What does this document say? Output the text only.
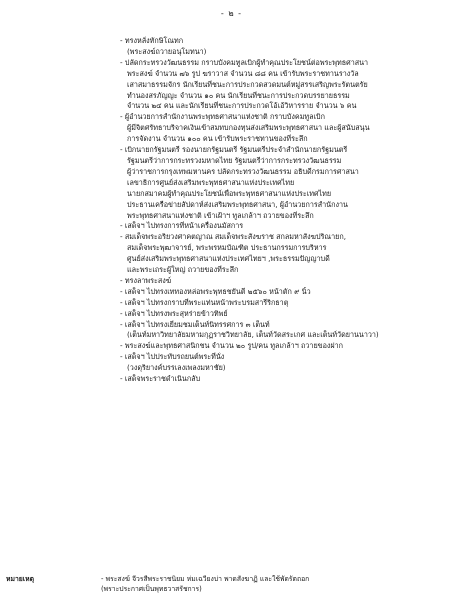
- ๒ -
- ทรงหลั่งทักษิโณทก
(พระสงฆ์ถวายอนุโมทนา)
- ปลัดกระทรวงวัฒนธรรม กราบบังคมทูลเบิกผู้ทำคุณประโยชน์ต่อพระพุทธศาสนา
พระสงฆ์ จำนวน ๗๖ รูป ฆราวาส จำนวน ๘๘ คน เข้ารับพระราชทานรางวัล
เสาสมาธรรมจักร นักเรียนที่ชนะการประกวดสวดมนต์หมู่สรรเสริญพระรัตนตรัย
ทำนองสรภัญญะ จำนวน ๑๐ คน นักเรียนที่ชนะการประกวดบรรยายธรรม
จำนวน ๒๔ คน และนักเรียนที่ชนะการประกวดโอ้เอ้วิหารราย จำนวน ๖ คน
- ผู้อำนวยการสำนักงานพระพุทธศาสนาแห่งชาติ กราบบังคมทูลเบิก
ผู้มีจิตศรัทธาบริจาคเงินเข้าสมทบกองทุนส่งเสริมพระพุทธศาสนา และผู้สนับสนุน
การจัดงาน จำนวน ๑๐๐ คน เข้ารับพระราชทานของที่ระลึก
- เบิกนายกรัฐมนตรี รองนายกรัฐมนตรี รัฐมนตรีประจำสำนักนายกรัฐมนตรี
รัฐมนตรีว่าการกระทรวงมหาดไทย รัฐมนตรีว่าการกระทรวงวัฒนธรรม
ผู้ว่าราชการกรุงเทพมหานคร ปลัดกระทรวงวัฒนธรรม อธิบดีกรมการศาสนา
เลขาธิการศูนย์ส่งเสริมพระพุทธศาสนาแห่งประเทศไทย
นายกสมาคมผู้ทำคุณประโยชน์เพื่อพระพุทธศาสนาแห่งประเทศไทย
ประธานเครือข่ายสัปดาห์ส่งเสริมพระพุทธศาสนา, ผู้อำนวยการสำนักงาน
พระพุทธศาสนาแห่งชาติ เข้าเฝ้าฯ ทูลเกล้าฯ ถวายของที่ระลึก
- เสด็จฯ ไปทรงการที่หน้าเครื่องนมัสการ
- สมเด็จพระอริยวงศาคตญาณ สมเด็จพระสังฆราช สกลมหาสังฆปริณายก,
สมเด็จพระพุฒาจารย์, พระพรหมบัณฑิต ประธานกรรมการบริหาร
ศูนย์ส่งเสริมพระพุทธศาสนาแห่งประเทศไทยฯ ,พระธรรมปัญญาบดี
และพระเถระผู้ใหญ่ ถวายของที่ระลึก
- ทรงลาพระสงฆ์
- เสด็จฯ ไปทรงเททองหล่อพระพุทธชยันตี ๒๕๖๐ หน้าตัก ๙ นิ้ว
- เสด็จฯ ไปทรงกราบที่พระแท่นหน้าพระบรมสารีริกธาตุ
- เสด็จฯ ไปทรงพระสุหร่ายข้าวทิพย์
- เสด็จฯ ไปทรงเยี่ยมชมเต็นท์นิทรรศการ ๓ เต็นท์
(เต็นท์มหาวิทยาลัยมหามกุฏราชวิทยาลัย, เต็นท์วัดสระเกศ และเต็นท์วัดยานนาวา)
- พระสงฆ์และพุทธศาสนิกชน จำนวน ๒๐ รูป/คน ทูลเกล้าฯ ถวายของฝาก
- เสด็จฯ ไปประทับรถยนต์พระที่นั่ง
(วงดุริยางค์บรรเลงเพลงมหาชัย)
- เสด็จพระราชดำเนินกลับ
หมายเหตุ	- พระสงฆ์ จีวรสีพระราชนิยม ห่มเฉวียงบ่า พาดสังฆาฏิ และใช้พัดรัตถอก
(พราะประกาศเป็นพุทธวาสรัชการ)
